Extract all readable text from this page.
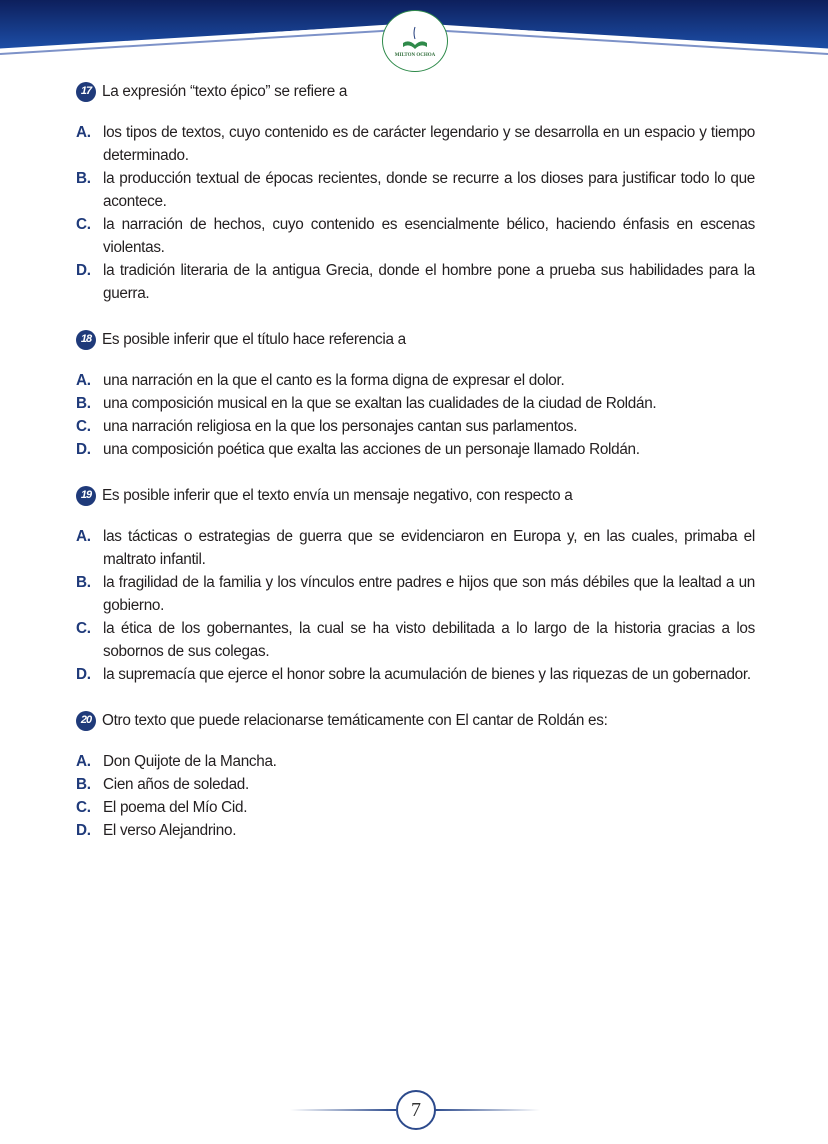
MILTON OCHOA
17 La expresión “texto épico” se refiere a
A. los tipos de textos, cuyo contenido es de carácter legendario y se desarrolla en un espacio y tiempo determinado.
B. la producción textual de épocas recientes, donde se recurre a los dioses para justificar todo lo que acontece.
C. la narración de hechos, cuyo contenido es esencialmente bélico, haciendo énfasis en escenas violentas.
D. la tradición literaria de la antigua Grecia, donde el hombre pone a prueba sus habilidades para la guerra.
18 Es posible inferir que el título hace referencia a
A. una narración en la que el canto es la forma digna de expresar el dolor.
B. una composición musical en la que se exaltan las cualidades de la ciudad de Roldán.
C. una narración religiosa en la que los personajes cantan sus parlamentos.
D. una composición poética que exalta las acciones de un personaje llamado Roldán.
19 Es posible inferir que el texto envía un mensaje negativo, con respecto a
A. las tácticas o estrategias de guerra que se evidenciaron en Europa y, en las cuales, primaba el maltrato infantil.
B. la fragilidad de la familia y los vínculos entre padres e hijos que son más débiles que la lealtad a un gobierno.
C. la ética de los gobernantes, la cual se ha visto debilitada a lo largo de la historia gracias a los sobornos de sus colegas.
D. la supremacía que ejerce el honor sobre la acumulación de bienes y las riquezas de un gobernador.
20 Otro texto que puede relacionarse temáticamente con El cantar de Roldán es:
A. Don Quijote de la Mancha.
B. Cien años de soledad.
C. El poema del Mío Cid.
D. El verso Alejandrino.
7
